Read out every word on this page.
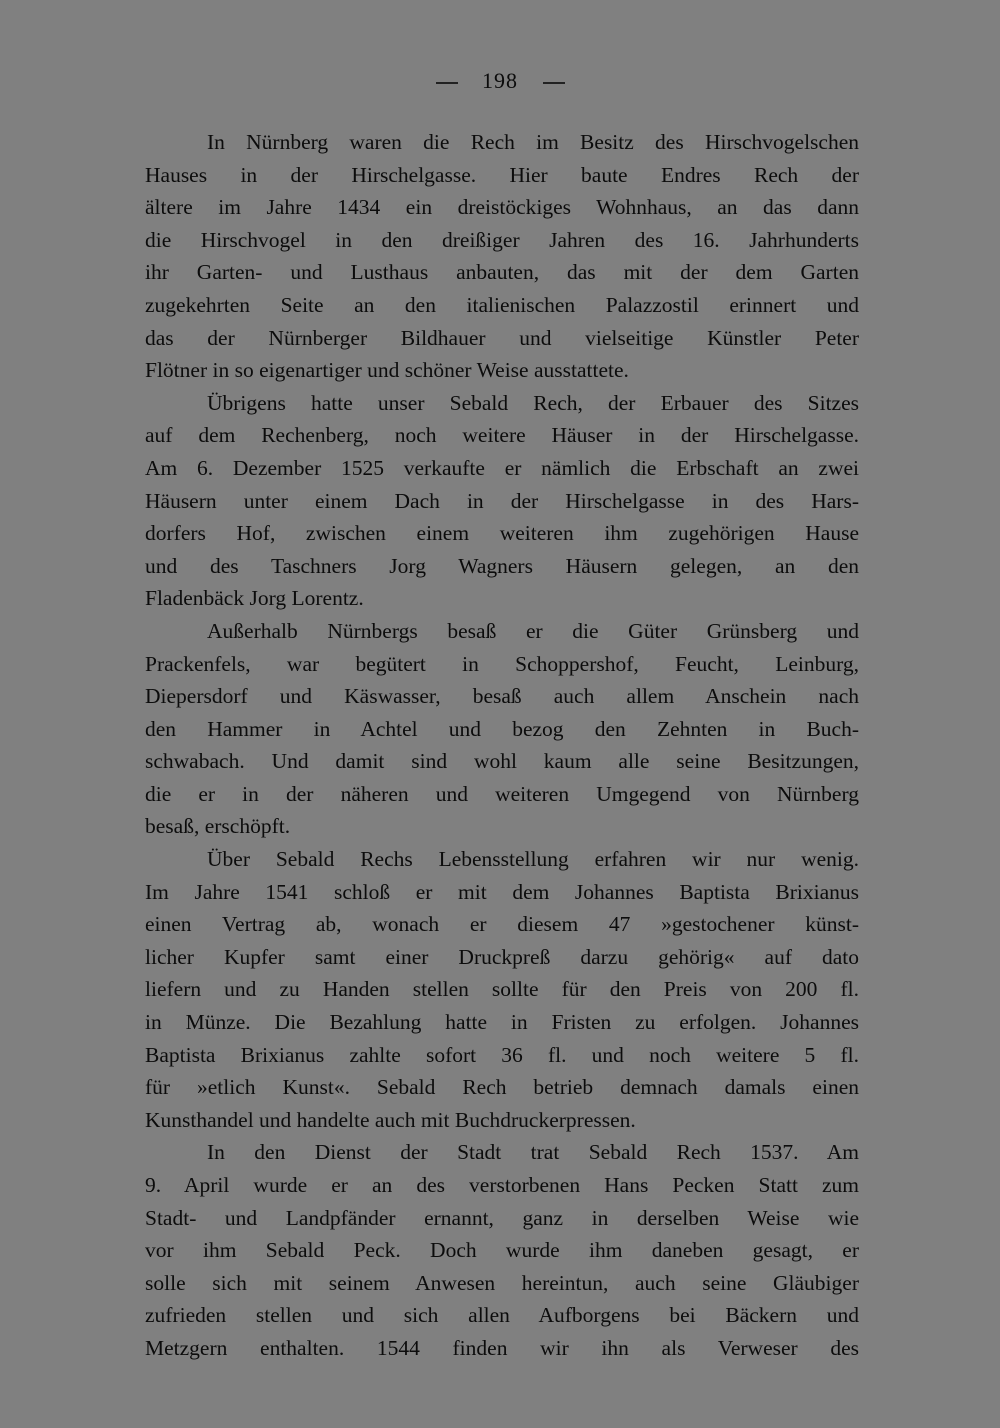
198
In Nürnberg waren die Rech im Besitz des Hirschvogelschen
Hauses in der Hirschelgasse. Hier baute Endres Rech der
ältere im Jahre 1434 ein dreistöckiges Wohnhaus, an das dann
die Hirschvogel in den dreißiger Jahren des 16. Jahrhunderts
ihr Garten- und Lusthaus anbauten, das mit der dem Garten
zugekehrten Seite an den italienischen Palazzostil erinnert und
das der Nürnberger Bildhauer und vielseitige Künstler Peter
Flötner in so eigenartiger und schöner Weise ausstattete.
Übrigens hatte unser Sebald Rech, der Erbauer des Sitzes
auf dem Rechenberg, noch weitere Häuser in der Hirschelgasse.
Am 6. Dezember 1525 verkaufte er nämlich die Erbschaft an zwei
Häusern unter einem Dach in der Hirschelgasse in des Hars-
dorfers Hof, zwischen einem weiteren ihm zugehörigen Hause
und des Taschners Jorg Wagners Häusern gelegen, an den
Fladenbäck Jorg Lorentz.
Außerhalb Nürnbergs besaß er die Güter Grünsberg und
Prackenfels, war begütert in Schoppershof, Feucht, Leinburg,
Diepersdorf und Käswasser, besaß auch allem Anschein nach
den Hammer in Achtel und bezog den Zehnten in Buch-
schwabach. Und damit sind wohl kaum alle seine Besitzungen,
die er in der näheren und weiteren Umgegend von Nürnberg
besaß, erschöpft.
Über Sebald Rechs Lebensstellung erfahren wir nur wenig.
Im Jahre 1541 schloß er mit dem Johannes Baptista Brixianus
einen Vertrag ab, wonach er diesem 47 »gestochener künst-
licher Kupfer samt einer Druckpreß darzu gehörig« auf dato
liefern und zu Handen stellen sollte für den Preis von 200 fl.
in Münze. Die Bezahlung hatte in Fristen zu erfolgen. Johannes
Baptista Brixianus zahlte sofort 36 fl. und noch weitere 5 fl.
für »etlich Kunst«. Sebald Rech betrieb demnach damals einen
Kunsthandel und handelte auch mit Buchdruckerpressen.
In den Dienst der Stadt trat Sebald Rech 1537. Am
9. April wurde er an des verstorbenen Hans Pecken Statt zum
Stadt- und Landpfänder ernannt, ganz in derselben Weise wie
vor ihm Sebald Peck. Doch wurde ihm daneben gesagt, er
solle sich mit seinem Anwesen hereintun, auch seine Gläubiger
zufrieden stellen und sich allen Aufborgens bei Bäckern und
Metzgern enthalten. 1544 finden wir ihn als Verweser des
